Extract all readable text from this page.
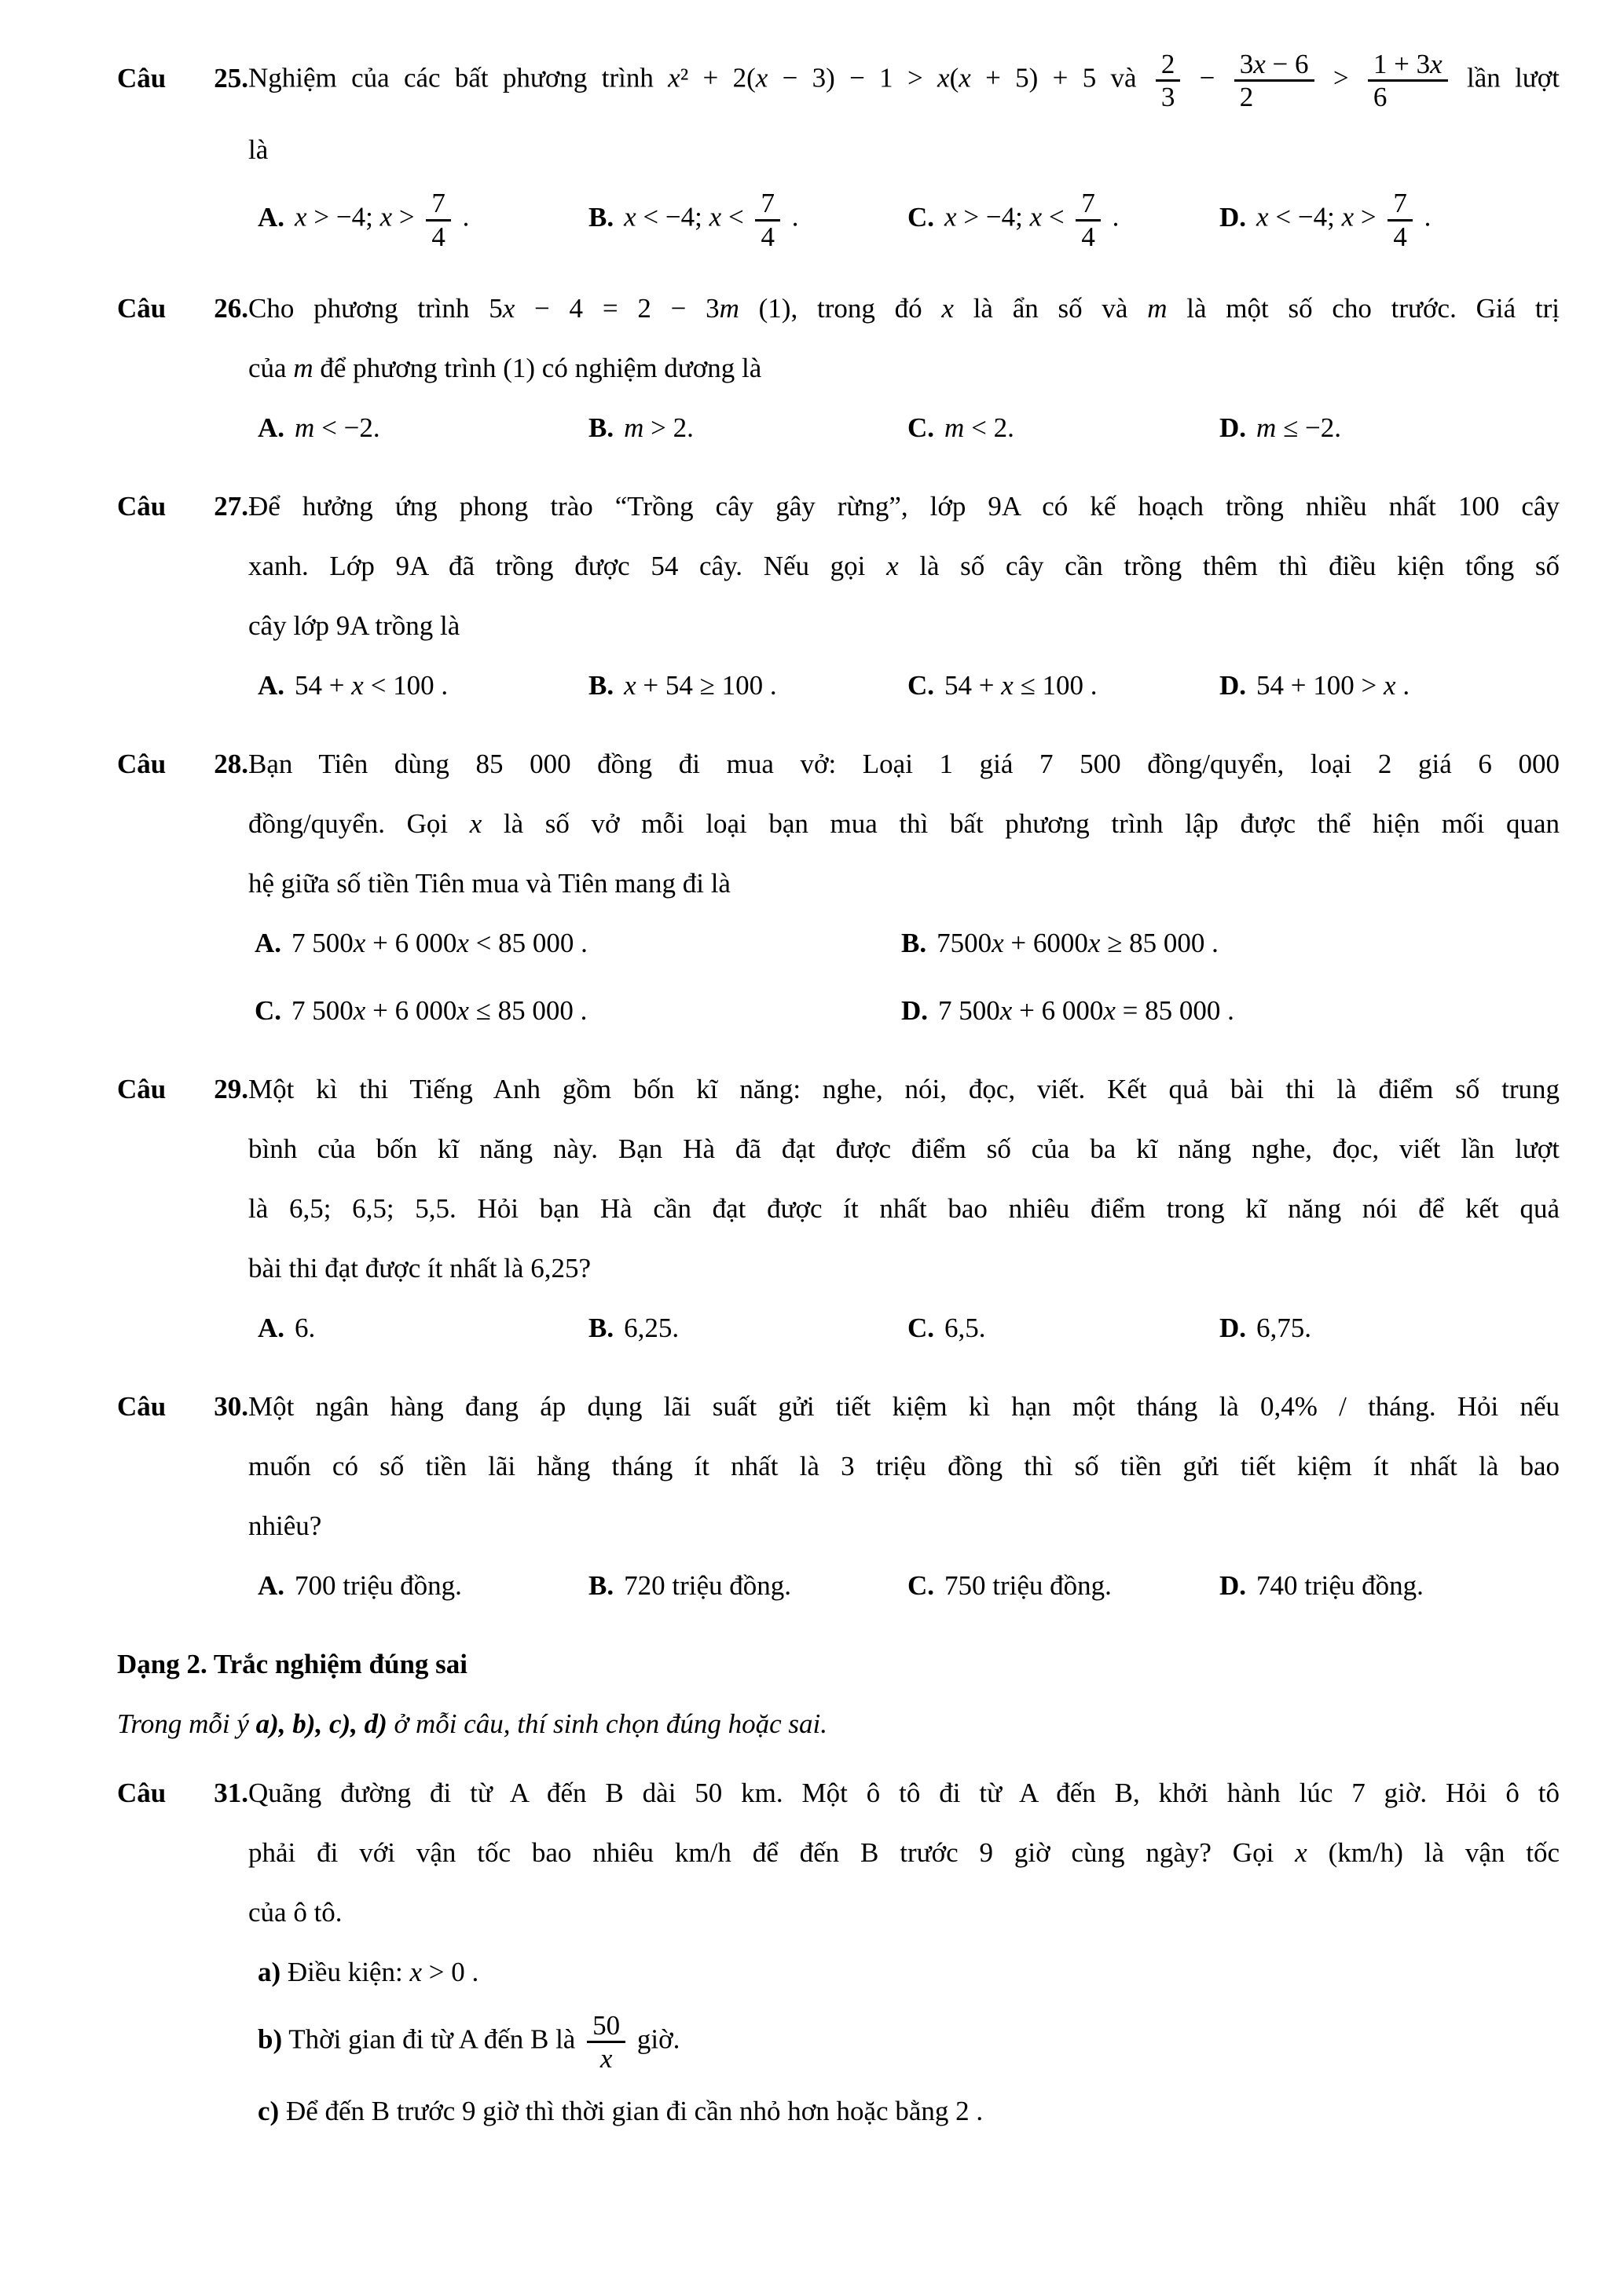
Câu 25.Nghiệm của các bất phương trình x² + 2(x − 3) − 1 > x(x + 5) + 5 và $\frac{2}{3} - \frac{3x - 6}{2} > \frac{1 + 3x}{6}$ lần lượt
là
A. x > −4; $x > \frac{7}{4}$ .	B. x < −4; $x < \frac{7}{4}$ .	C. x > −4; $x < \frac{7}{4}$ .	D. x < −4; $x > \frac{7}{4}$ .
Câu 26.Cho phương trình 5x − 4 = 2 − 3m (1), trong đó x là ẩn số và m là một số cho trước. Giá trị
của m để phương trình (1) có nghiệm dương là
A. m < −2.	B. m > 2.	C. m < 2.	D. m ≤ −2.
Câu 27.Để hưởng ứng phong trào “Trồng cây gây rừng”, lớp 9A có kế hoạch trồng nhiều nhất 100 cây
xanh. Lớp 9A đã trồng được 54 cây. Nếu gọi x là số cây cần trồng thêm thì điều kiện tổng số
cây lớp 9A trồng là
A. 54 + x < 100 .	B. x + 54 ≥ 100 .	C. 54 + x ≤ 100 .	D. 54 + 100 > x .
Câu 28.Bạn Tiên dùng 85 000 đồng đi mua vở: Loại 1 giá 7 500 đồng/quyển, loại 2 giá 6 000
đồng/quyển. Gọi x là số vở mỗi loại bạn mua thì bất phương trình lập được thể hiện mối quan
hệ giữa số tiền Tiên mua và Tiên mang đi là
A. 7 500x + 6 000x < 85 000 .	B. 7500x + 6000x ≥ 85 000 .
C. 7 500x + 6 000x ≤ 85 000 .	D. 7 500x + 6 000x = 85 000 .
Câu 29.Một kì thi Tiếng Anh gồm bốn kĩ năng: nghe, nói, đọc, viết. Kết quả bài thi là điểm số trung
bình của bốn kĩ năng này. Bạn Hà đã đạt được điểm số của ba kĩ năng nghe, đọc, viết lần lượt
là 6,5; 6,5; 5,5. Hỏi bạn Hà cần đạt được ít nhất bao nhiêu điểm trong kĩ năng nói để kết quả
bài thi đạt được ít nhất là 6,25?
A. 6.	B. 6,25.	C. 6,5.	D. 6,75.
Câu 30.Một ngân hàng đang áp dụng lãi suất gửi tiết kiệm kì hạn một tháng là 0,4% / tháng. Hỏi nếu
muốn có số tiền lãi hằng tháng ít nhất là 3 triệu đồng thì số tiền gửi tiết kiệm ít nhất là bao
nhiêu?
A. 700 triệu đồng.	B. 720 triệu đồng.	C. 750 triệu đồng.	D. 740 triệu đồng.
Dạng 2. Trắc nghiệm đúng sai
Trong mỗi ý a), b), c), d) ở mỗi câu, thí sinh chọn đúng hoặc sai.
Câu 31.Quãng đường đi từ A đến B dài 50 km. Một ô tô đi từ A đến B, khởi hành lúc 7 giờ. Hỏi ô tô
phải đi với vận tốc bao nhiêu km/h để đến B trước 9 giờ cùng ngày? Gọi x (km/h) là vận tốc
của ô tô.
a) Điều kiện: x > 0 .
b) Thời gian đi từ A đến B là $\frac{50}{x}$ giờ.
c) Để đến B trước 9 giờ thì thời gian đi cần nhỏ hơn hoặc bằng 2 .
